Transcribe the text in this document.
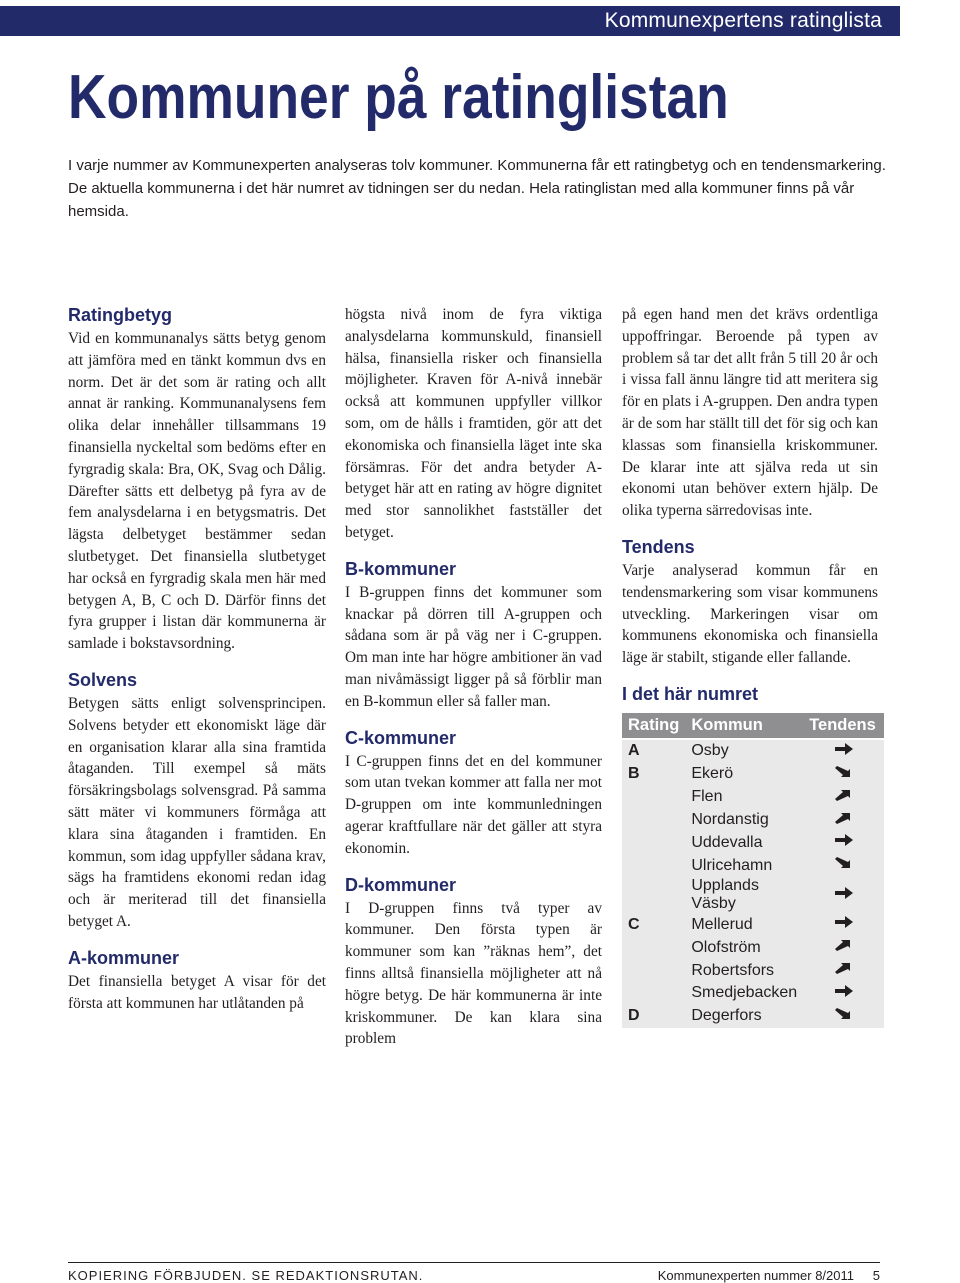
Kommunexpertens ratinglista
Kommuner på ratinglistan

I varje nummer av Kommunexperten analyseras tolv kommuner. Kommunerna får ett ratingbetyg och en tendensmarkering. De aktuella kommunerna i det här numret av tidningen ser du nedan. Hela ratinglistan med alla kommuner finns på vår hemsida.

Ratingbetyg

Vid en kommunanalys sätts betyg genom att jämföra med en tänkt kommun dvs en norm. Det är det som är rating och allt annat är ranking. Kommunanalysens fem olika delar innehåller tillsammans 19 finansiella nyckeltal som bedöms efter en fyrgradig skala: Bra, OK, Svag och Dålig. Därefter sätts ett delbetyg på fyra av de fem analysdelarna i en betygsmatris. Det lägsta delbetyget bestämmer sedan slutbetyget. Det finansiella slutbetyget har också en fyrgradig skala men här med betygen A, B, C och D. Därför finns det fyra grupper i listan där kommunerna är samlade i bokstavsordning.

Solvens

Betygen sätts enligt solvensprincipen. Solvens betyder ett ekonomiskt läge där en organisation klarar alla sina framtida åtaganden. Till exempel så mäts försäkringsbolags solvensgrad. På samma sätt mäter vi kommuners förmåga att klara sina åtaganden i framtiden. En kommun, som idag uppfyller sådana krav, sägs ha framtidens ekonomi redan idag och är meriterad till det finansiella betyget A.

A-kommuner

Det finansiella betyget A visar för det första att kommunen har utlåtanden på

högsta nivå inom de fyra viktiga analysdelarna kommunskuld, finansiell hälsa, finansiella risker och finansiella möjligheter. Kraven för A-nivå innebär också att kommunen uppfyller villkor som, om de hålls i framtiden, gör att det ekonomiska och finansiella läget inte ska försämras. För det andra betyder A-betyget här att en rating av högre dignitet med stor sannolikhet fastställer det betyget.

B-kommuner

I B-gruppen finns det kommuner som knackar på dörren till A-gruppen och sådana som är på väg ner i C-gruppen. Om man inte har högre ambitioner än vad man nivåmässigt ligger på så förblir man en B-kommun eller så faller man.

C-kommuner

I C-gruppen finns det en del kommuner som utan tvekan kommer att falla ner mot D-gruppen om inte kommunledningen agerar kraftfullare när det gäller att styra ekonomin.

D-kommuner

I D-gruppen finns två typer av kommuner. Den första typen är kommuner som kan ”räknas hem”, det finns alltså finansiella möjligheter att nå högre betyg. De här kommunerna är inte kriskommuner. De kan klara sina problem

på egen hand men det krävs ordentliga uppoffringar. Beroende på typen av problem så tar det allt från 5 till 20 år och i vissa fall ännu längre tid att meritera sig för en plats i A-gruppen. Den andra typen är de som har ställt till det för sig och kan klassas som finansiella kriskommuner. De klarar inte att själva reda ut sin ekonomi utan behöver extern hjälp. De olika typerna särredovisas inte.

Tendens

Varje analyserad kommun får en tendensmarkering som visar kommunens utveckling. Markeringen visar om kommunens ekonomiska och finansiella läge är stabilt, stigande eller fallande.

I det här numret
Rating	Kommun	Tendens
A	Osby	

B	Ekerö	

	Flen	

	Nordanstig	

	Uddevalla	

	Ulricehamn	

	Upplands Väsby	

C	Mellerud	

	Olofström	

	Robertsfors	

	Smedjebacken	

D	Degerfors	
KOPIERING FÖRBJUDEN. SE REDAKTIONSRUTAN.	Kommunexperten nummer 8/2011 5
